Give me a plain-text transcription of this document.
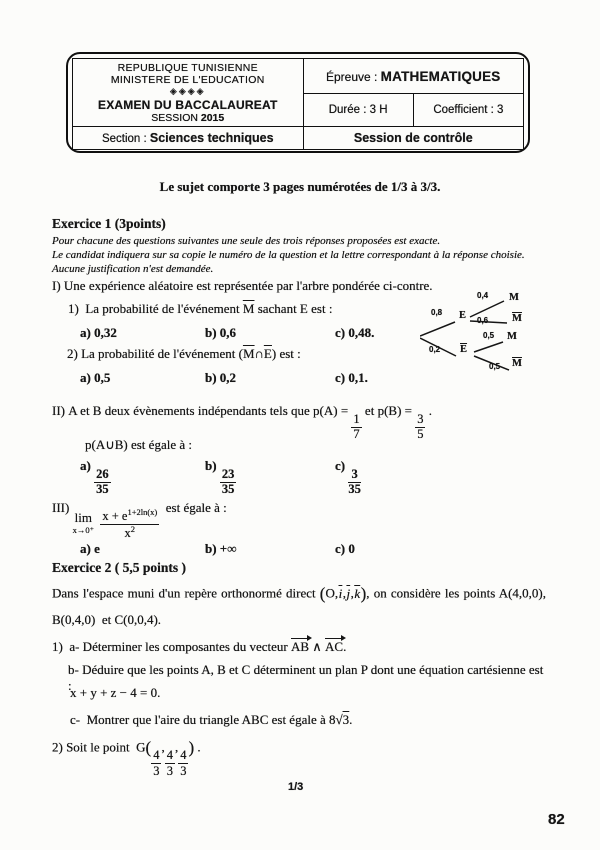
REPUBLIQUE TUNISIENNE
MINISTERE DE L'EDUCATION
◈◈◈◈
EXAMEN DU BACCALAUREAT
SESSION 2015	Épreuve : MATHEMATIQUES	
	Durée : 3 H	Coefficient : 3
Section : Sciences techniques	Session de contrôle	
Le sujet comporte 3 pages numérotées de 1/3 à 3/3.
Exercice 1 (3points)

Pour chacune des questions suivantes une seule des trois réponses proposées est exacte.

Le candidat indiquera sur sa copie le numéro de la question et la lettre correspondant à la réponse choisie. Aucune justification n'est demandée.

I) Une expérience aléatoire est représentée par l'arbre pondérée ci-contre.
1)  La probabilité de l'événement $\overline{M}$ sachant E est :
a) 0,32	b) 0,6	c) 0,48.
2) La probabilité de l'événement $(\overline{M}\cap\overline{E})$ est :
a) 0,5	b) 0,2	c) 0,1.
0,8 E
0,2 $\overline{E}$
0,4 M
0,6 $\overline{M}$
0,5 M
0,5 $\overline{M}$
II) A et B deux évènements indépendants tels que p(A) =
$\frac{1}{7}$
et p(B) =
$\frac{3}{5}$
.
p(A∪B) est égale à :
a)
$\frac{26}{35}$
b)
$\frac{23}{35}$
c)
$\frac{3}{35}$
III)
lim
x→0⁺
$\frac{x + e^{1+2ln(x)}}{x^2}$
est égale à :
a) e	b) +∞	c) 0
Exercice 2 ( 5,5 points )
Dans l'espace muni d'un repère orthonormé direct $(O,\overline{i},\overline{j},\overline{k})$, on considère les points A(4,0,0),
B(0,4,0)  et C(0,0,4).
1)  a- Déterminer les composantes du vecteur AB ∧ AC.
b- Déduire que les points A, B et C déterminent un plan P dont une équation cartésienne est :
x + y + z − 4 = 0.
c-  Montrer que l'aire du triangle ABC est égale à 8√3.
2) Soit le point  G(
$\frac{4}{3}$
,
$\frac{4}{3}$
,
$\frac{4}{3}$
) .
1/3
82
